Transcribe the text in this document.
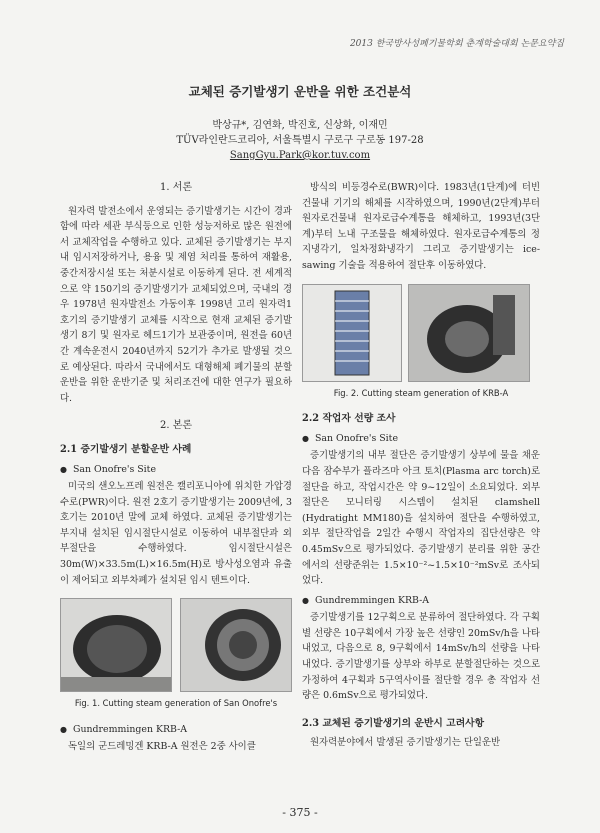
2013 한국방사성폐기물학회 춘계학술대회 논문요약집
교체된 증기발생기 운반을 위한 조건분석
박상규*, 김연화, 박진호, 신상화, 이재민
TÜV라인란드코리아, 서울특별시 구로구 구로동 197-28
SangGyu.Park@kor.tuv.com
1. 서론

원자력 발전소에서 운영되는 증기발생기는 시간이 경과함에 따라 세관 부식등으로 인한 성능저하로 많은 원전에서 교체작업을 수행하고 있다. 교체된 증기발생기는 부지내 임시저장하거나, 용융 및 제염 처리를 통하여 재활용, 중간저장시설 또는 처분시설로 이동하게 된다. 전 세계적으로 약 150기의 증기발생기가 교체되었으며, 국내의 경우 1978년 원자발전소 가동이후 1998년 고리 원자력1호기의 증기발생기 교체를 시작으로 현재 교체된 증기발생기 8기 및 원자로 헤드1기가 보관중이며, 원전을 60년간 계속운전시 2040년까지 52기가 추가로 발생될 것으로 예상된다. 따라서 국내에서도 대형해체 폐기물의 분할운반을 위한 운반기준 및 처리조건에 대한 연구가 필요하다.

2. 본론
2.1 증기발생기 분할운반 사례
● San Onofre's Site

미국의 샌오노프레 원전은 캘리포니아에 위치한 가압경수로(PWR)이다. 원전 2호기 증기발생기는 2009년에, 3호기는 2010년 말에 교체 하였다. 교체된 증기발생기는 부지내 설치된 임시절단시설로 이동하여 내부절단과 외부절단을 수행하였다. 임시절단시설은 30m(W)×33.5m(L)×16.5m(H)로 방사성오염과 유출이 제어되고 외부차폐가 설치된 임시 텐트이다.

Fig. 1. Cutting steam generation of San Onofre's
● Gundremmingen KRB-A

독일의 군드레밍겐 KRB-A 원전은 2중 사이클

방식의 비등경수로(BWR)이다. 1983년(1단계)에 터빈건물내 기기의 해체를 시작하였으며, 1990년(2단계)부터 원자로건물내 원자로급수계통을 해체하고, 1993년(3단계)부터 노내 구조물을 해체하였다. 원자로급수계통의 정지냉각기, 일차정화냉각기 그리고 증기발생기는 ice-sawing 기술을 적용하여 절단후 이동하였다.

Fig. 2. Cutting steam generation of KRB-A
2.2 작업자 선량 조사
● San Onofre's Site

증기발생기의 내부 절단은 증기발생기 상부에 물을 채운다음 잠수부가 플라즈마 아크 토치(Plasma arc torch)로 절단을 하고, 작업시간은 약 9~12일이 소요되었다. 외부절단은 모니터링 시스템이 설치된 clamshell (Hydratight MM180)을 설치하여 절단을 수행하였고, 외부 절단작업을 2일간 수행시 작업자의 집단선량은 약 0.45mSv으로 평가되었다. 증기발생기 분리를 위한 공간에서의 선량준위는 1.5×10⁻²~1.5×10⁻²mSv로 조사되었다.

● Gundremmingen KRB-A

증기발생기를 12구획으로 분류하여 절단하였다. 각 구획별 선량은 10구획에서 가장 높은 선량인 20mSv/h을 나타내었고, 다음으로 8, 9구획에서 14mSv/h의 선량을 나타내었다. 증기발생기를 상부와 하부로 분할절단하는 것으로 가정하여 4구획과 5구역사이를 절단할 경우 총 작업자 선량은 0.6mSv으로 평가되었다.

2.3 교체된 증기발생기의 운반시 고려사항

원자력분야에서 발생된 증기발생기는 단일운반

- 375 -
